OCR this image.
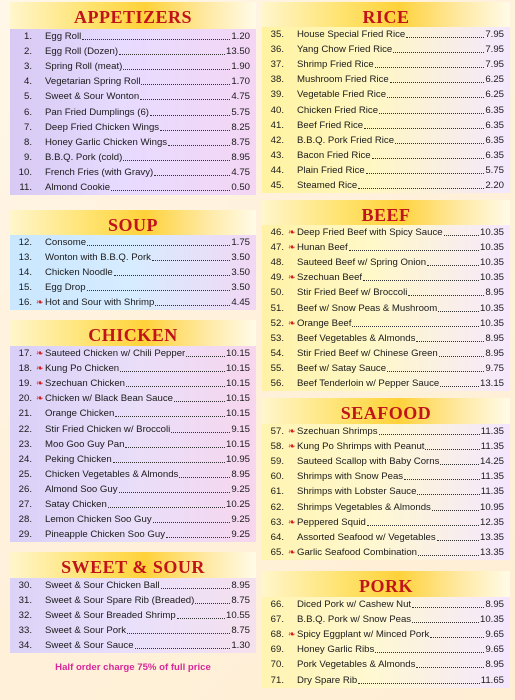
APPETIZERS
1.	Egg Roll	1.20
2.	Egg Roll (Dozen)	13.50
3.	Spring Roll (meat)	1.90
4.	Vegetarian Spring Roll	1.70
5.	Sweet & Sour Wonton	4.75
6.	Pan Fried Dumplings (6)	5.75
7.	Deep Fried Chicken Wings	8.25
8.	Honey Garlic Chicken Wings	8.75
9.	B.B.Q. Pork (cold)	8.95
10.	French Fries (with Gravy)	4.75
11.	Almond Cookie	0.50
SOUP
12.	Consome	1.75
13.	Wonton with B.B.Q. Pork	3.50
14.	Chicken Noodle	3.50
15.	Egg Drop	3.50
16. ❧ Hot and Sour with Shrimp	4.45
CHICKEN
17. ❧ Sauteed Chicken w/ Chili Pepper	10.15
18. ❧ Kung Po Chicken	10.15
19. ❧ Szechuan Chicken	10.15
20. ❧ Chicken w/ Black Bean Sauce	10.15
21.	Orange Chicken	10.15
22.	Stir Fried Chicken w/ Broccoli	9.15
23.	Moo Goo Guy Pan	10.15
24.	Peking Chicken	10.95
25.	Chicken Vegetables & Almonds	8.95
26.	Almond Soo Guy	9.25
27.	Satay Chicken	10.25
28.	Lemon Chicken Soo Guy	9.25
29.	Pineapple Chicken Soo Guy	9.25
SWEET & SOUR
30.	Sweet & Sour Chicken Ball	8.95
31.	Sweet & Sour Spare Rib (Breaded)	8.75
32.	Sweet & Sour Breaded Shrimp	10.55
33.	Sweet & Sour Pork	8.75
34.	Sweet & Sour Sauce	1.30
Half order charge 75% of full price
RICE
35.	House Special Fried Rice	7.95
36.	Yang Chow Fried Rice	7.95
37.	Shrimp Fried Rice	7.95
38.	Mushroom Fried Rice	6.25
39.	Vegetable Fried Rice	6.25
40.	Chicken Fried Rice	6.35
41.	Beef Fried Rice	6.35
42.	B.B.Q. Pork Fried Rice	6.35
43.	Bacon Fried Rice	6.35
44.	Plain Fried Rice	5.75
45.	Steamed Rice	2.20
BEEF
46. ❧ Deep Fried Beef with Spicy Sauce	10.35
47. ❧ Hunan Beef	10.35
48.	Sauteed Beef w/ Spring Onion	10.35
49. ❧ Szechuan Beef	10.35
50.	Stir Fried Beef w/ Broccoli	8.95
51.	Beef w/ Snow Peas & Mushroom	10.35
52. ❧ Orange Beef	10.35
53.	Beef Vegetables & Almonds	8.95
54.	Stir Fried Beef w/ Chinese Green	8.95
55.	Beef w/ Satay Sauce	9.75
56.	Beef Tenderloin w/ Pepper Sauce	13.15
SEAFOOD
57. ❧ Szechuan Shrimps	11.35
58. ❧ Kung Po Shrimps with Peanut	11.35
59.	Sauteed Scallop with Baby Corns	14.25
60.	Shrimps with Snow Peas	11.35
61.	Shrimps with Lobster Sauce	11.35
62.	Shrimps Vegetables & Almonds	10.95
63. ❧ Peppered Squid	12.35
64.	Assorted Seafood w/ Vegetables	13.35
65. ❧ Garlic Seafood Combination	13.35
PORK
66.	Diced Pork w/ Cashew Nut	8.95
67.	B.B.Q. Pork w/ Snow Peas	10.35
68. ❧ Spicy Eggplant w/ Minced Pork	9.65
69.	Honey Garlic Ribs	9.65
70.	Pork Vegetables & Almonds	8.95
71.	Dry Spare Rib	11.65
